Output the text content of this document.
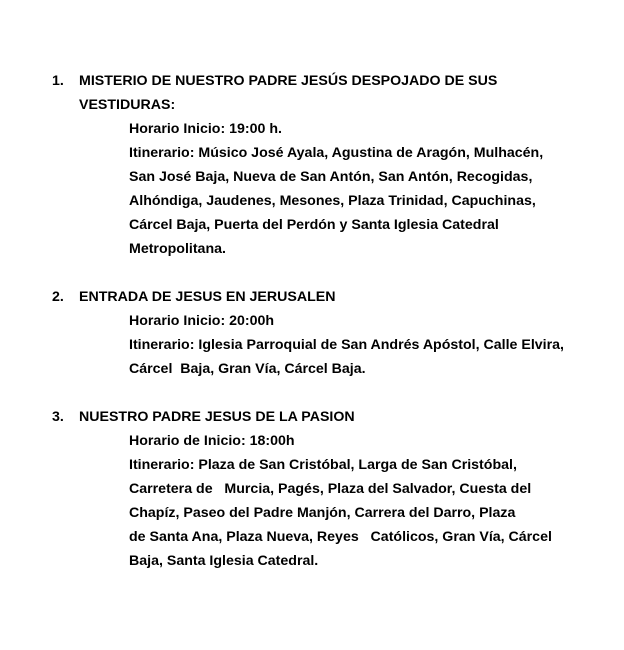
1. MISTERIO DE NUESTRO PADRE JESÚS DESPOJADO DE SUS
VESTIDURAS:
Horario Inicio: 19:00 h.
Itinerario: Músico José Ayala, Agustina de Aragón, Mulhacén,
San José Baja, Nueva de San Antón, San Antón, Recogidas,
Alhóndiga, Jaudenes, Mesones, Plaza Trinidad, Capuchinas,
Cárcel Baja, Puerta del Perdón y Santa Iglesia Catedral
Metropolitana.
2. ENTRADA DE JESUS EN JERUSALEN
Horario Inicio: 20:00h
Itinerario: Iglesia Parroquial de San Andrés Apóstol, Calle Elvira,
Cárcel  Baja, Gran Vía, Cárcel Baja.
3. NUESTRO PADRE JESUS DE LA PASION
Horario de Inicio: 18:00h
Itinerario: Plaza de San Cristóbal, Larga de San Cristóbal,
Carretera de   Murcia, Pagés, Plaza del Salvador, Cuesta del
Chapíz, Paseo del Padre Manjón, Carrera del Darro, Plaza
de Santa Ana, Plaza Nueva, Reyes   Católicos, Gran Vía, Cárcel
Baja, Santa Iglesia Catedral.
